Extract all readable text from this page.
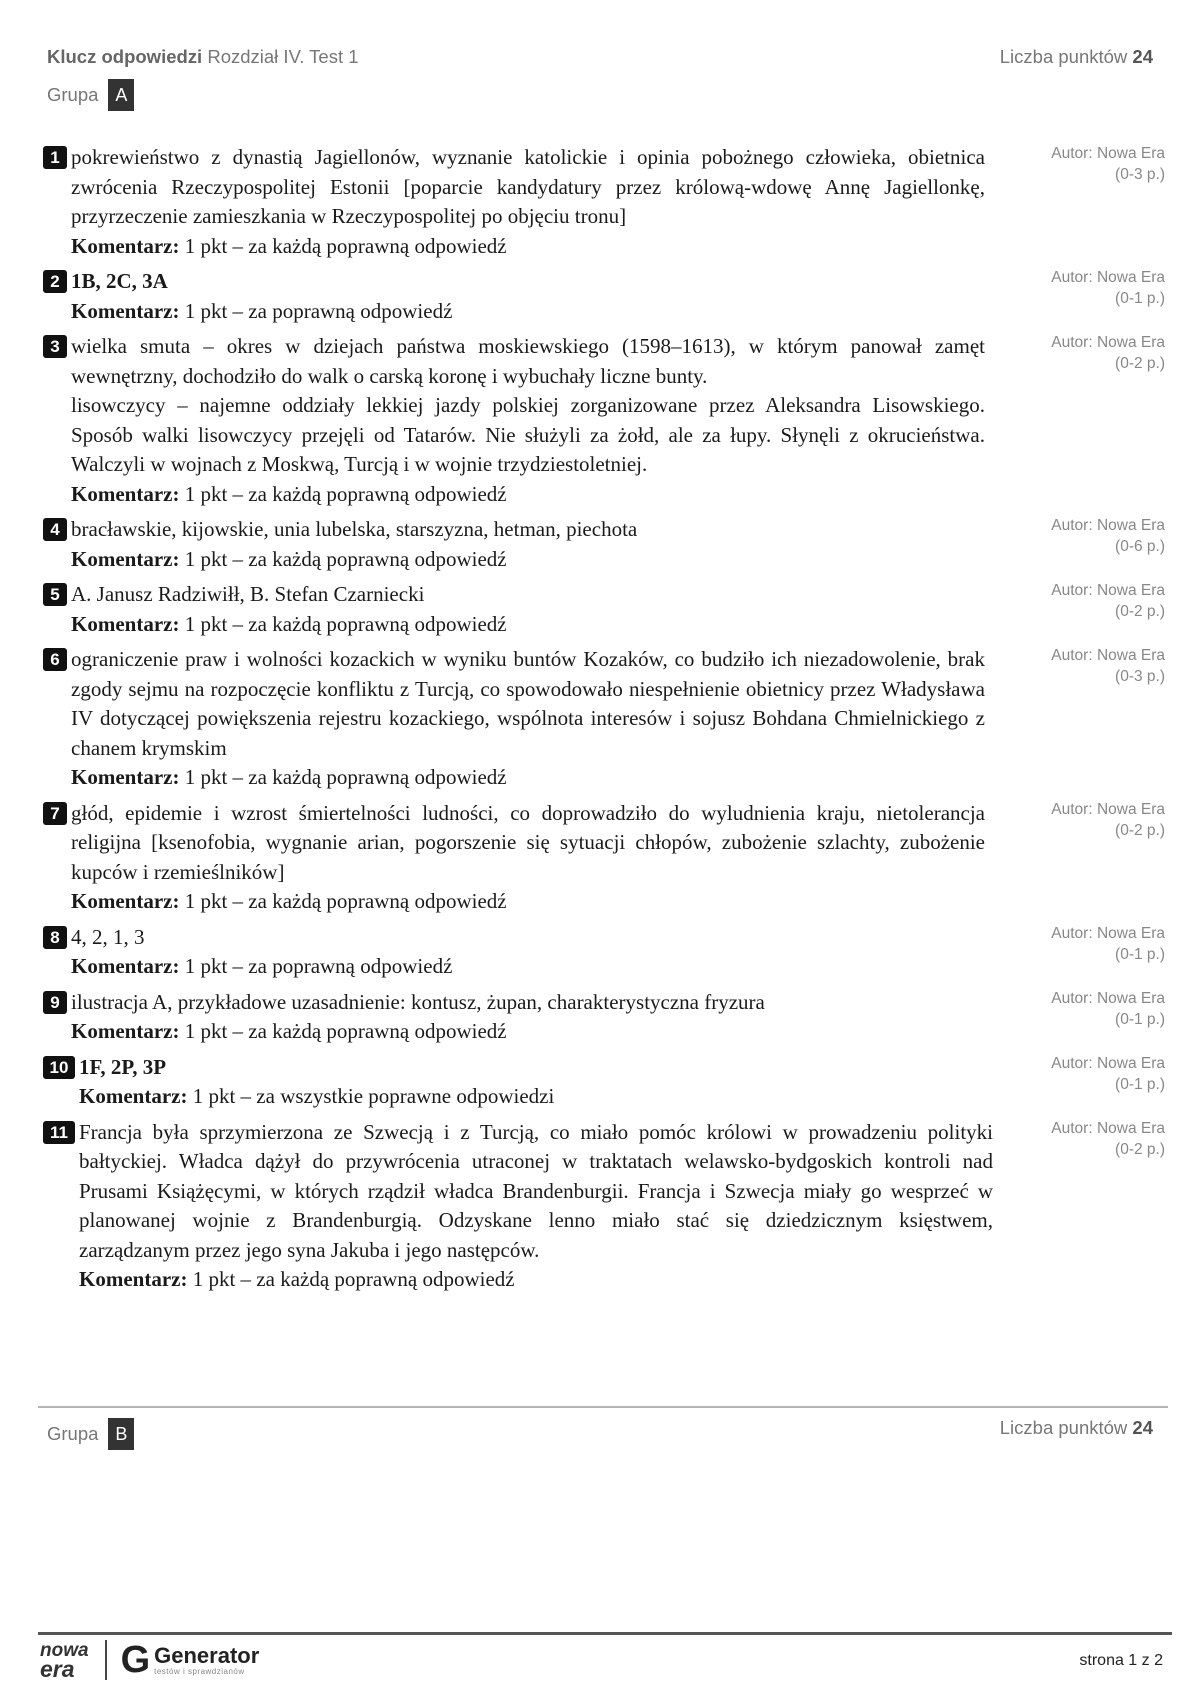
Klucz odpowiedzi Rozdział IV. Test 1	Liczba punktów 24
Grupa A
1 pokrewieństwo z dynastią Jagiellonów, wyznanie katolickie i opinia pobożnego człowieka, obietnica zwrócenia Rzeczypospolitej Estonii [poparcie kandydatury przez królową-wdowę Annę Jagiellonkę, przyrzeczenie zamieszkania w Rzeczypospolitej po objęciu tronu]
Komentarz: 1 pkt – za każdą poprawną odpowiedź
Autor: Nowa Era
(0-3 p.)
2 1B, 2C, 3A
Komentarz: 1 pkt – za poprawną odpowiedź
Autor: Nowa Era
(0-1 p.)
3 wielka smuta – okres w dziejach państwa moskiewskiego (1598–1613), w którym panował zamęt wewnętrzny, dochodziło do walk o carską koronę i wybuchały liczne bunty.
lisowczycy – najemne oddziały lekkiej jazdy polskiej zorganizowane przez Aleksandra Lisowskiego. Sposób walki lisowczycy przejęli od Tatarów. Nie służyli za żołd, ale za łupy. Słynęli z okrucieństwa. Walczyli w wojnach z Moskwą, Turcją i w wojnie trzydziestoletniej.
Komentarz: 1 pkt – za każdą poprawną odpowiedź
Autor: Nowa Era
(0-2 p.)
4 bracławskie, kijowskie, unia lubelska, starszyzna, hetman, piechota
Komentarz: 1 pkt – za każdą poprawną odpowiedź
Autor: Nowa Era
(0-6 p.)
5 A. Janusz Radziwiłł, B. Stefan Czarniecki
Komentarz: 1 pkt – za każdą poprawną odpowiedź
Autor: Nowa Era
(0-2 p.)
6 ograniczenie praw i wolności kozackich w wyniku buntów Kozaków, co budziło ich niezadowolenie, brak zgody sejmu na rozpoczęcie konfliktu z Turcją, co spowodowało niespełnienie obietnicy przez Władysława IV dotyczącej powiększenia rejestru kozackiego, wspólnota interesów i sojusz Bohdana Chmielnickiego z chanem krymskim
Komentarz: 1 pkt – za każdą poprawną odpowiedź
Autor: Nowa Era
(0-3 p.)
7 głód, epidemie i wzrost śmiertelności ludności, co doprowadziło do wyludnienia kraju, nietolerancja religijna [ksenofobia, wygnanie arian, pogorszenie się sytuacji chłopów, zubożenie szlachty, zubożenie kupców i rzemieślników]
Komentarz: 1 pkt – za każdą poprawną odpowiedź
Autor: Nowa Era
(0-2 p.)
8 4, 2, 1, 3
Komentarz: 1 pkt – za poprawną odpowiedź
Autor: Nowa Era
(0-1 p.)
9 ilustracja A, przykładowe uzasadnienie: kontusz, żupan, charakterystyczna fryzura
Komentarz: 1 pkt – za każdą poprawną odpowiedź
Autor: Nowa Era
(0-1 p.)
10 1F, 2P, 3P
Komentarz: 1 pkt – za wszystkie poprawne odpowiedzi
Autor: Nowa Era
(0-1 p.)
11 Francja była sprzymierzona ze Szwecją i z Turcją, co miało pomóc królowi w prowadzeniu polityki bałtyckiej. Władca dążył do przywrócenia utraconej w traktatach welawsko-bydgoskich kontroli nad Prusami Książęcymi, w których rządził władca Brandenburgii. Francja i Szwecja miały go wesprzeć w planowanej wojnie z Brandenburgią. Odzyskane lenno miało stać się dziedzicznym księstwem, zarządzanym przez jego syna Jakuba i jego następców.
Komentarz: 1 pkt – za każdą poprawną odpowiedź
Autor: Nowa Era
(0-2 p.)
Grupa B	Liczba punktów 24
nowa
era	G Generator
testów i sprawdzianów
strona 1 z 2
